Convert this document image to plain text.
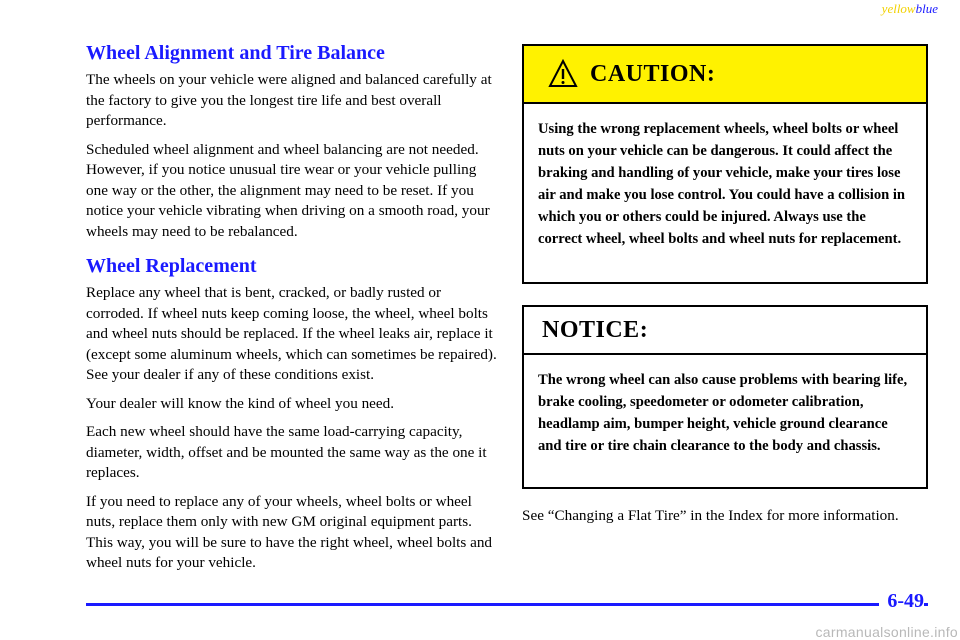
yellowblue
Wheel Alignment and Tire Balance

The wheels on your vehicle were aligned and balanced carefully at the factory to give you the longest tire life and best overall performance.

Scheduled wheel alignment and wheel balancing are not needed. However, if you notice unusual tire wear or your vehicle pulling one way or the other, the alignment may need to be reset. If you notice your vehicle vibrating when driving on a smooth road, your wheels may need to be rebalanced.

Wheel Replacement

Replace any wheel that is bent, cracked, or badly rusted or corroded. If wheel nuts keep coming loose, the wheel, wheel bolts and wheel nuts should be replaced. If the wheel leaks air, replace it (except some aluminum wheels, which can sometimes be repaired). See your dealer if any of these conditions exist.

Your dealer will know the kind of wheel you need.

Each new wheel should have the same load-carrying capacity, diameter, width, offset and be mounted the same way as the one it replaces.

If you need to replace any of your wheels, wheel bolts or wheel nuts, replace them only with new GM original equipment parts. This way, you will be sure to have the right wheel, wheel bolts and wheel nuts for your vehicle.

CAUTION:
Using the wrong replacement wheels, wheel bolts or wheel nuts on your vehicle can be dangerous. It could affect the braking and handling of your vehicle, make your tires lose air and make you lose control. You could have a collision in which you or others could be injured. Always use the correct wheel, wheel bolts and wheel nuts for replacement.
NOTICE:
The wrong wheel can also cause problems with bearing life, brake cooling, speedometer or odometer calibration, headlamp aim, bumper height, vehicle ground clearance and tire or tire chain clearance to the body and chassis.

See “Changing a Flat Tire” in the Index for more information.

6-49
carmanualsonline.info
